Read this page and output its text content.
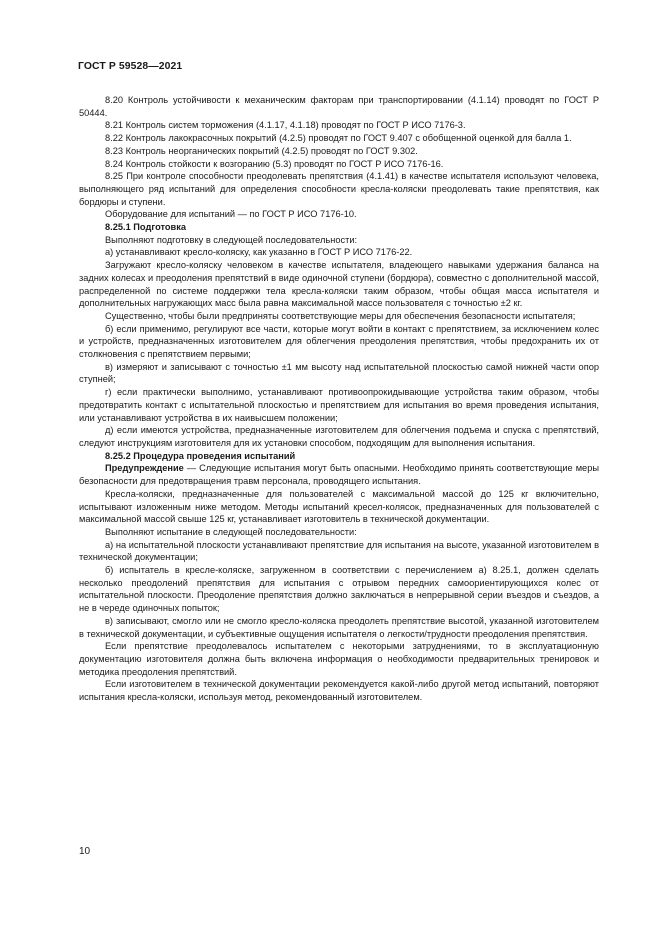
ГОСТ Р 59528—2021

8.20 Контроль устойчивости к механическим факторам при транспортировании (4.1.14) проводят по ГОСТ Р 50444.

8.21 Контроль систем торможения (4.1.17, 4.1.18) проводят по ГОСТ Р ИСО 7176-3.

8.22 Контроль лакокрасочных покрытий (4.2.5) проводят по ГОСТ 9.407 с обобщенной оценкой для балла 1.

8.23 Контроль неорганических покрытий (4.2.5) проводят по ГОСТ 9.302.

8.24 Контроль стойкости к возгоранию (5.3) проводят по ГОСТ Р ИСО 7176-16.

8.25 При контроле способности преодолевать препятствия (4.1.41) в качестве испытателя используют человека, выполняющего ряд испытаний для определения способности кресла-коляски преодолевать такие препятствия, как бордюры и ступени.

Оборудование для испытаний — по ГОСТ Р ИСО 7176-10.

8.25.1 Подготовка

Выполняют подготовку в следующей последовательности:

а) устанавливают кресло-коляску, как указанно в ГОСТ Р ИСО 7176-22.

Загружают кресло-коляску человеком в качестве испытателя, владеющего навыками удержания баланса на задних колесах и преодоления препятствий в виде одиночной ступени (бордюра), совместно с дополнительной массой, распределенной по системе поддержки тела кресла-коляски таким образом, чтобы общая масса испытателя и дополнительных нагружающих масс была равна максимальной массе пользователя с точностью ±2 кг.

Существенно, чтобы были предприняты соответствующие меры для обеспечения безопасности испытателя;

б) если применимо, регулируют все части, которые могут войти в контакт с препятствием, за исключением колес и устройств, предназначенных изготовителем для облегчения преодоления препятствия, чтобы предохранить их от столкновения с препятствием первыми;

в) измеряют и записывают с точностью ±1 мм высоту над испытательной плоскостью самой нижней части опор ступней;

г) если практически выполнимо, устанавливают противоопрокидывающие устройства таким образом, чтобы предотвратить контакт с испытательной плоскостью и препятствием для испытания во время проведения испытания, или устанавливают устройства в их наивысшем положении;

д) если имеются устройства, предназначенные изготовителем для облегчения подъема и спуска с препятствий, следуют инструкциям изготовителя для их установки способом, подходящим для выполнения испытания.

8.25.2 Процедура проведения испытаний

Предупреждение — Следующие испытания могут быть опасными. Необходимо принять соответствующие меры безопасности для предотвращения травм персонала, проводящего испытания.

Кресла-коляски, предназначенные для пользователей с максимальной массой до 125 кг включительно, испытывают изложенным ниже методом. Методы испытаний кресел-колясок, предназначенных для пользователей с максимальной массой свыше 125 кг, устанавливает изготовитель в технической документации.

Выполняют испытание в следующей последовательности:

а) на испытательной плоскости устанавливают препятствие для испытания на высоте, указанной изготовителем в технической документации;

б) испытатель в кресле-коляске, загруженном в соответствии с перечислением а) 8.25.1, должен сделать несколько преодолений препятствия для испытания с отрывом передних самоориентирующихся колес от испытательной плоскости. Преодоление препятствия должно заключаться в непрерывной серии въездов и съездов, а не в череде одиночных попыток;

в) записывают, смогло или не смогло кресло-коляска преодолеть препятствие высотой, указанной изготовителем в технической документации, и субъективные ощущения испытателя о легкости/трудности преодоления препятствия.

Если препятствие преодолевалось испытателем с некоторыми затруднениями, то в эксплуатационную документацию изготовителя должна быть включена информация о необходимости предварительных тренировок и методика преодоления препятствий.

Если изготовителем в технической документации рекомендуется какой-либо другой метод испытаний, повторяют испытания кресла-коляски, используя метод, рекомендованный изготовителем.

10
